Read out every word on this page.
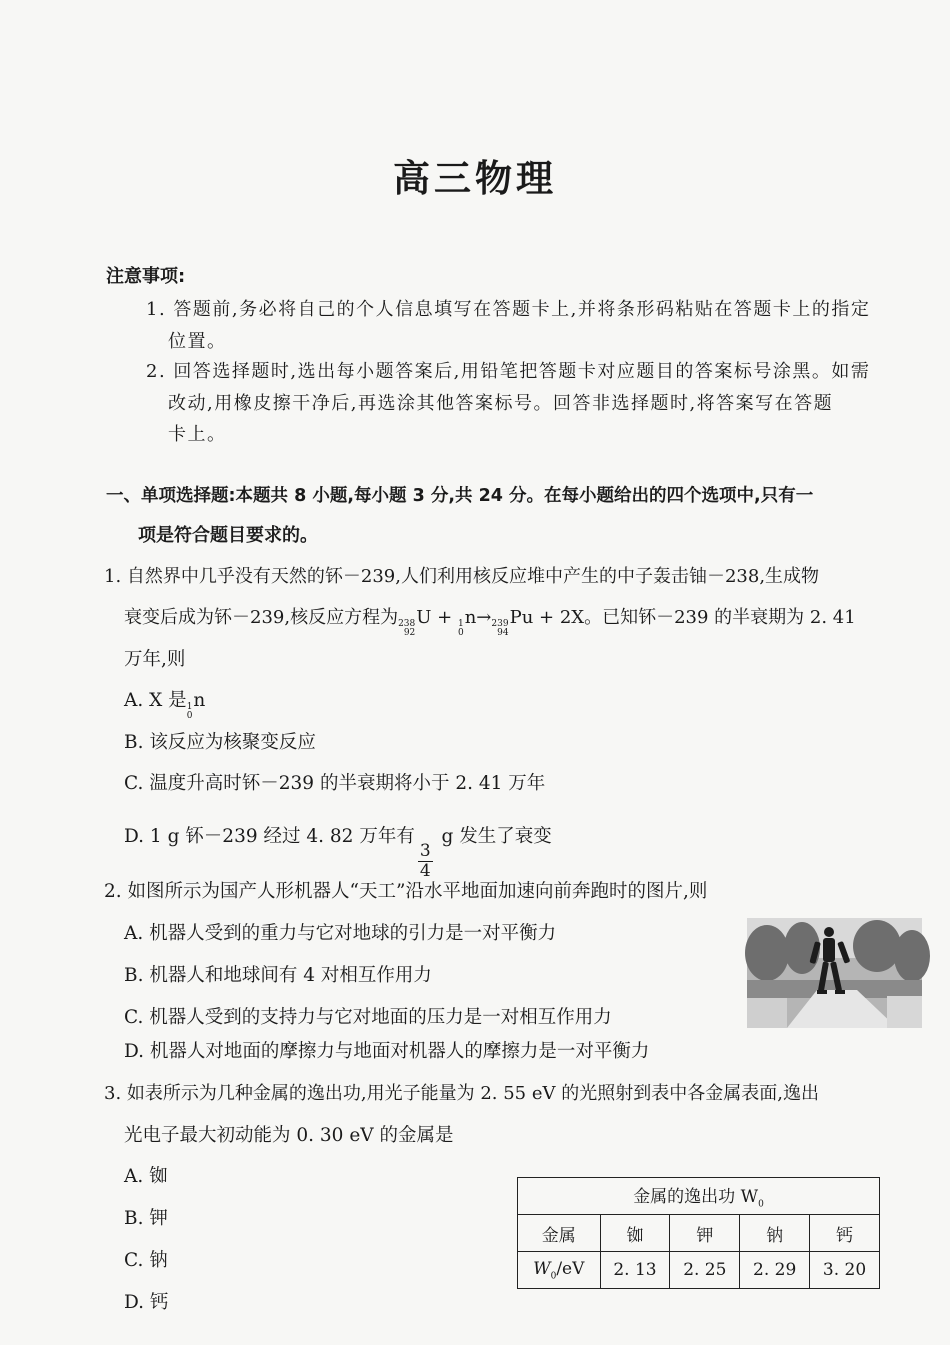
高三物理
注意事项:
1. 答题前,务必将自己的个人信息填写在答题卡上,并将条形码粘贴在答题卡上的指定
位置。
2. 回答选择题时,选出每小题答案后,用铅笔把答题卡对应题目的答案标号涂黑。如需
改动,用橡皮擦干净后,再选涂其他答案标号。回答非选择题时,将答案写在答题
卡上。
一、单项选择题:本题共 8 小题,每小题 3 分,共 24 分。在每小题给出的四个选项中,只有一
项是符合题目要求的。
1. 自然界中几乎没有天然的钚－239,人们利用核反应堆中产生的中子轰击铀－238,生成物
衰变后成为钚－239,核反应方程为 238
92
U + 1
0
n→ 239
94
Pu + 2X。已知钚－239 的半衰期为 2. 41
万年,则
A. X 是 1
0
n
B. 该反应为核聚变反应
C. 温度升高时钚－239 的半衰期将小于 2. 41 万年
D. 1 g 钚－239 经过 4. 82 万年有
$\frac{3}{4}$
g 发生了衰变
2. 如图所示为国产人形机器人“天工”沿水平地面加速向前奔跑时的图片,则
A. 机器人受到的重力与它对地球的引力是一对平衡力
B. 机器人和地球间有 4 对相互作用力
C. 机器人受到的支持力与它对地面的压力是一对相互作用力
D. 机器人对地面的摩擦力与地面对机器人的摩擦力是一对平衡力
3. 如表所示为几种金属的逸出功,用光子能量为 2. 55 eV 的光照射到表中各金属表面,逸出
光电子最大初动能为 0. 30 eV 的金属是
A. 铷
B. 钾
C. 钠
D. 钙
金属的逸出功 $W_0$
金属	铷	钾	钠	钙
$W_0/eV$	2. 13	2. 25	2. 29	3. 20
